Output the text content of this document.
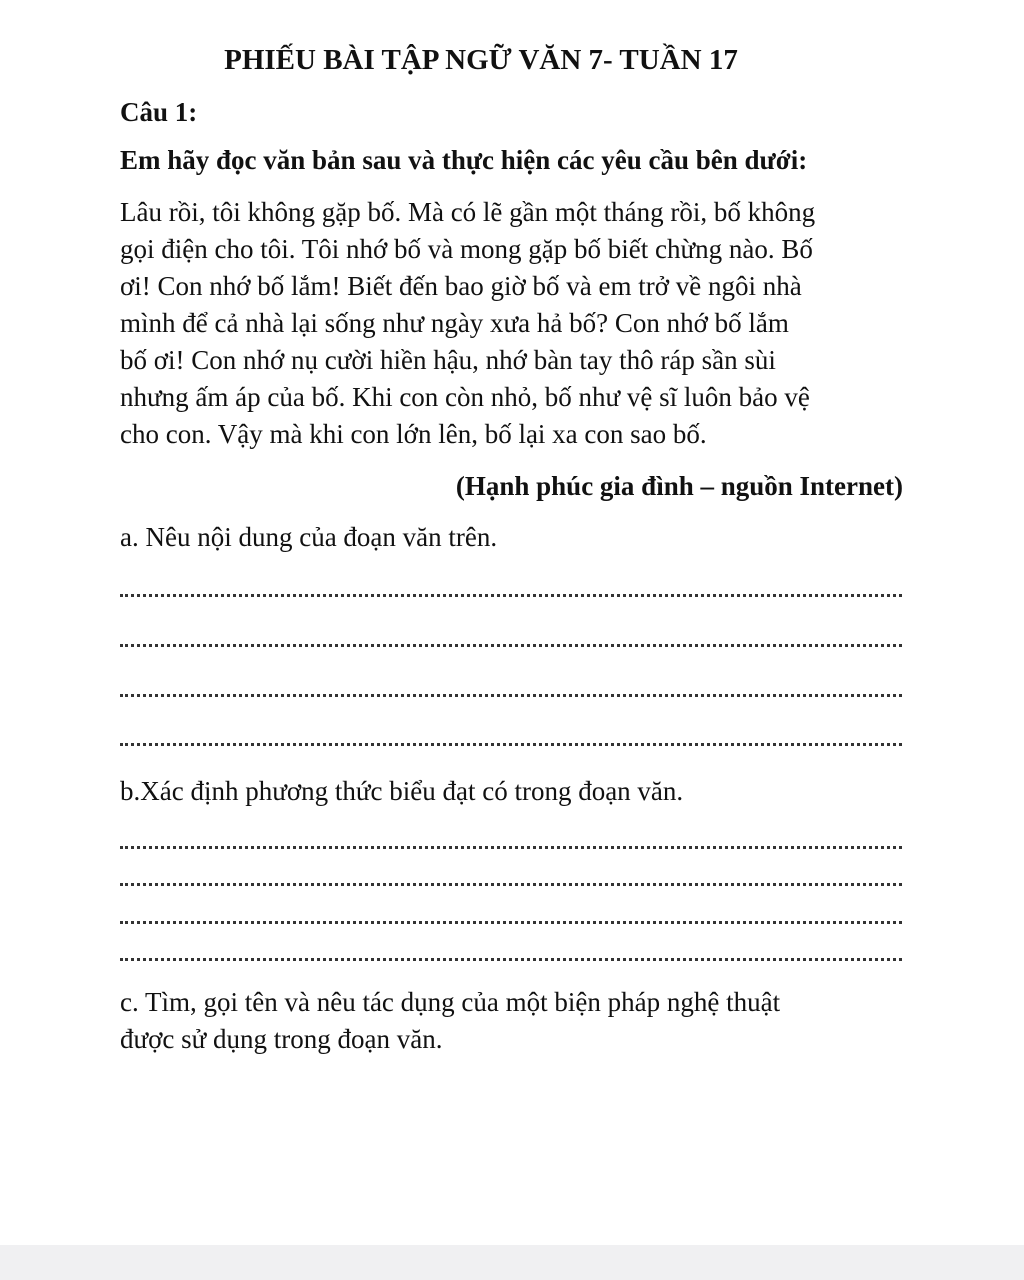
PHIẾU BÀI TẬP NGỮ VĂN 7- TUẦN 17
Câu 1:
Em hãy đọc văn bản sau và thực hiện các yêu cầu bên dưới:
Lâu rồi, tôi không gặp bố. Mà có lẽ gần một tháng rồi, bố không
gọi điện cho tôi. Tôi nhớ bố và mong gặp bố biết chừng nào. Bố
ơi! Con nhớ bố lắm! Biết đến bao giờ bố và em trở về ngôi nhà
mình để cả nhà lại sống như ngày xưa hả bố? Con nhớ bố lắm
bố ơi! Con nhớ nụ cười hiền hậu, nhớ bàn tay thô ráp sần sùi
nhưng ấm áp của bố. Khi con còn nhỏ, bố như vệ sĩ luôn bảo vệ
cho con. Vậy mà khi con lớn lên, bố lại xa con sao bố.
(Hạnh phúc gia đình – nguồn Internet)
a. Nêu nội dung của đoạn văn trên.
b.Xác định phương thức biểu đạt có trong đoạn văn.
c. Tìm, gọi tên và nêu tác dụng của một biện pháp nghệ thuật
được sử dụng trong đoạn văn.
